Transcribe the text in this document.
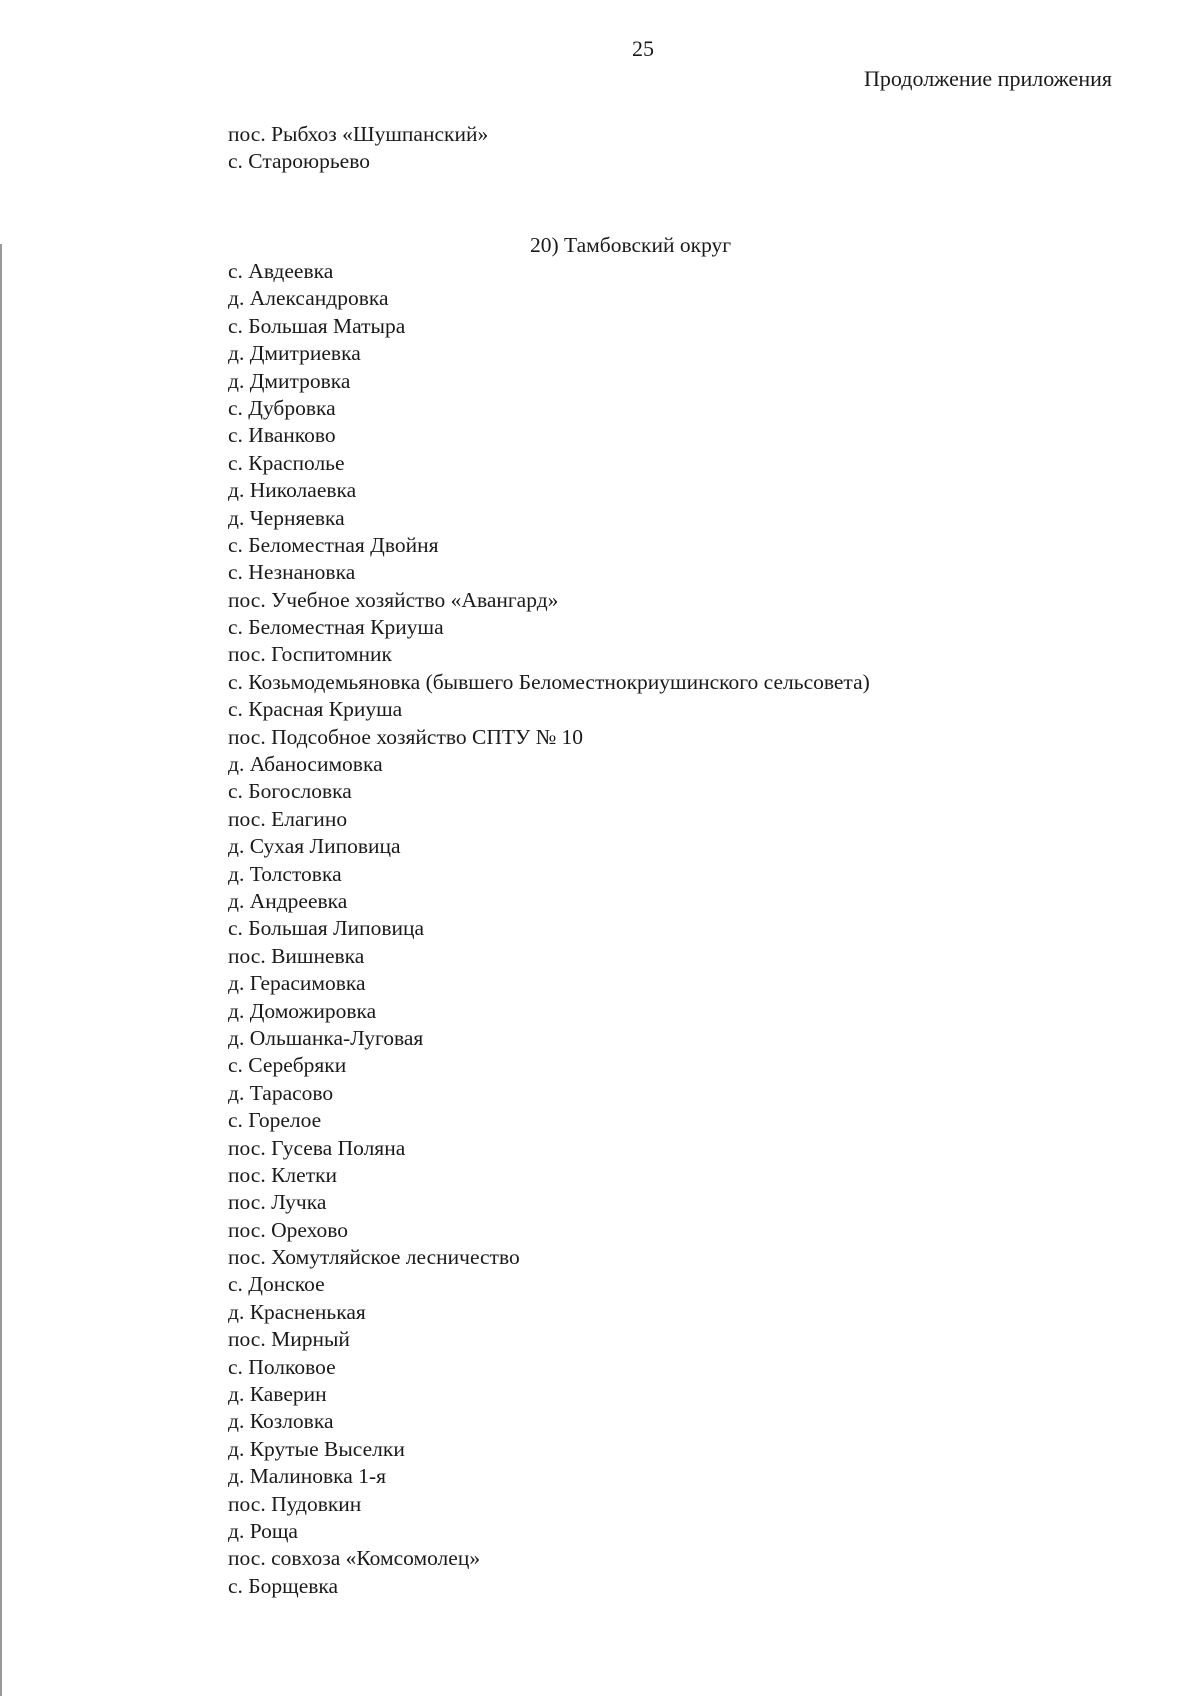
25
Продолжение приложения
пос. Рыбхоз «Шушпанский»
с. Староюрьево
20) Тамбовский округ
с. Авдеевка
д. Александровка
с. Большая Матыра
д. Дмитриевка
д. Дмитровка
с. Дубровка
с. Иванково
с. Красполье
д. Николаевка
д. Черняевка
с. Беломестная Двойня
с. Незнановка
пос. Учебное хозяйство «Авангард»
с. Беломестная Криуша
пос. Госпитомник
с. Козьмодемьяновка (бывшего Беломестнокриушинского сельсовета)
с. Красная Криуша
пос. Подсобное хозяйство СПТУ № 10
д. Абаносимовка
с. Богословка
пос. Елагино
д. Сухая Липовица
д. Толстовка
д. Андреевка
с. Большая Липовица
пос. Вишневка
д. Герасимовка
д. Доможировка
д. Ольшанка-Луговая
с. Серебряки
д. Тарасово
с. Горелое
пос. Гусева Поляна
пос. Клетки
пос. Лучка
пос. Орехово
пос. Хомутляйское лесничество
с. Донское
д. Красненькая
пос. Мирный
с. Полковое
д. Каверин
д. Козловка
д. Крутые Выселки
д. Малиновка 1-я
пос. Пудовкин
д. Роща
пос. совхоза «Комсомолец»
с. Борщевка
